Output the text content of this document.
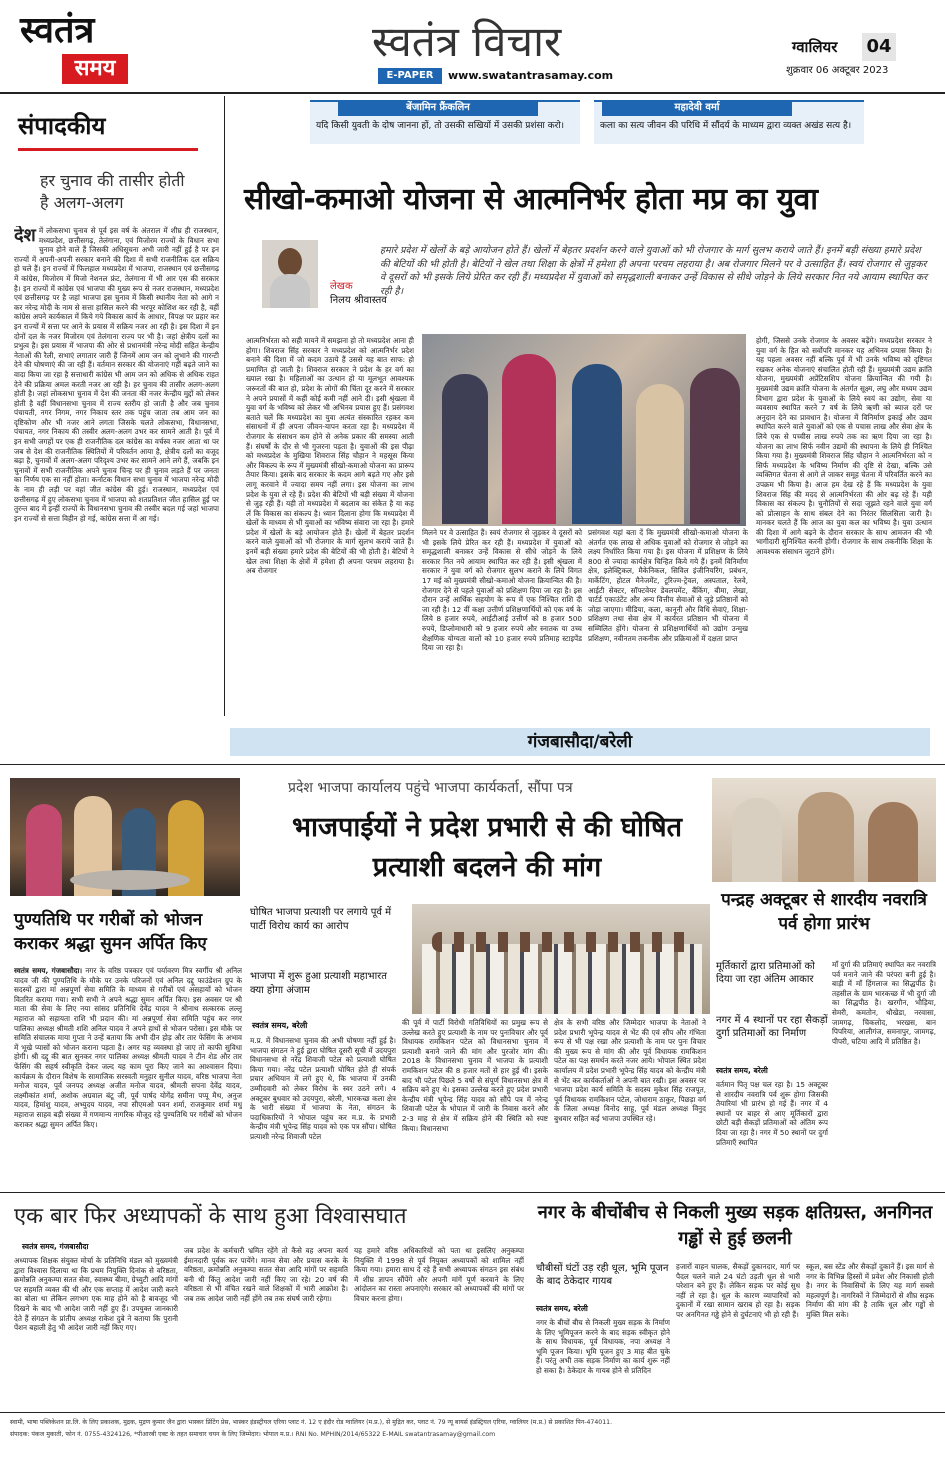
स्वतंत्र
समय
स्वतंत्र विचार
E-PAPER	www.swatantrasamay.com
ग्वालियर 04
शुक्रवार 06 अक्टूबर 2023
संपादकीय
हर चुनाव की तासीर होती है अलग-अलग
देश में लोकसभा चुनाव से पूर्व इस वर्ष के अंतराल में शीघ्र ही राजस्थान, मध्यप्रदेश, छत्तीसगढ़, तेलंगाना, एवं मिजोरम राज्यों के विधान सभा चुनाव होने वाले हैं जिसकी अधिसूचना अभी जारी नहीं हुई है पर इन राज्यों में अपनी-अपनी सरकार बनाने की दिशा में सभी राजनीतिक दल सक्रिय हो चले हैं। इन राज्यों में फिलहाल मध्यप्रदेश में भाजपा, राजस्थान एवं छत्तीसगढ़ में कांग्रेस, मिजोरम में मिजो नेशनल फ्रंट, तेलंगाना में भी आर एस की सरकार है। इन राज्यों में कांग्रेस एवं भाजपा की मुख्य रूप से नजर राजस्थान, मध्यप्रदेश एवं छत्तीसगढ़ पर है जहां भाजपा इस चुनाव में किसी स्थानीय नेता को आगे न कर नरेन्द्र मोदी के नाम से सत्ता हासिल करने की भरपूर कोशिश कर रही है, वहीं कांग्रेस अपने कार्यकाल में किये गये विकास कार्य के आधार, विपक्ष पर प्रहार कर इन राज्यों में सत्ता पर आने के प्रयास में सक्रिय नजर आ रही है। इस दिशा में इन दोनों दल के नजर मिजोरम एवं तेलंगाना राज्य पर भी है। जहां क्षेत्रीय दलों का प्रभुत्व है। इस प्रयास में भाजपा की ओर से प्रधानमंत्री नरेन्द्र मोदी सहित केन्द्रीय नेताओं की रैली, सभाएं लगातार जारी हैं जिनमें आम जन को लुभाने की गारन्टी देने की घोषणाएं की जा रही हैं। वर्तमान सरकार की योजनाएं गहीं बढ़ते जाने का वादा किया जा रहा है सत्ताधारी कांग्रेस भी आम जन को अधिक से अधिक राहत देने की प्रक्रिया अमल करती नजर आ रही है। हर चुनाव की तासीर अलग-अलग होती है। जहां लोकसभा चुनाव में देश की जनता की नजर केन्द्रीय मुद्दों को लेकर होती है वहीं विधानसभा चुनाव में राज्य स्तरीय हो जाती है और जब चुनाव पंचायती, नगर निगम, नगर निकाय स्तर तक पहुंच जाता तब आम जन का दृष्टिकोण और भी नजर आने लगता जिसके चलते लोकसभा, विधानसभा, पंचायत, नगर निकाय की तस्वीर अलग-अलग उभर कर सामने आती है। पूर्व में इन सभी जगहों पर एक ही राजनीतिक दल कांग्रेस का वर्चस्व नजर आता था पर जब से देश की राजनीतिक स्थितियों में परिवर्तन आया है, क्षेत्रीय दलों का वजूद बढ़ा है, चुनावों में अलग-अलग परिदृश्य उभर कर सामने आने लगे हैं, जबकि इन चुनावों में सभी राजनीतिक अपने चुनाव चिन्ह पर ही चुनाव लड़ते हैं पर जनता का निर्णय एक सा नहीं होता। कर्नाटक विधान सभा चुनाव में भाजपा नरेन्द्र मोदी के नाम ही लड़ी पर वहां जीत कांग्रेस की हुई। राजस्थान, मध्यप्रदेश एवं छत्तीसगढ़ में हुए लोकसभा चुनाव में भाजपा को शतप्रतिशत जीत हासिल हुई पर तुरन्त बाद में इन्हीं राज्यों के विधानसभा चुनाव की तस्वीर बदल गई जहां भाजपा इन राज्यों से सत्ता विहीन हो गई, कांग्रेस सत्ता में आ गई।
बेंजामिन फ्रैंकलिन
यदि किसी युवती के दोष जानना हों, तो उसकी सखियों में उसकी प्रशंसा करो।
महादेवी वर्मा
कला का सत्य जीवन की परिधि में सौंदर्य के माध्यम द्वारा व्यक्त अखंड सत्य है।
सीखो-कमाओ योजना से आत्मनिर्भर होता मप्र का युवा
हमारे प्रदेश में खेलों के बड़े आयोजन होते हैं। खेलों में बेहतर प्रदर्शन करने वाले युवाओं को भी रोजगार के मार्ग सुलभ कराये जाते हैं। इनमें बड़ी संख्या हमारे प्रदेश की बेटियों की भी होती है। बेटियों ने खेल तथा शिक्षा के क्षेत्रों में हमेशा ही अपना परचम लहराया है। अब रोजगार मिलने पर वे उत्साहित हैं। स्वयं रोजगार से जुड़कर वे दूसरों को भी इसके लिये प्रेरित कर रही हैं। मध्यप्रदेश में युवाओं को समृद्धशाली बनाकर उन्हें विकास से सीधे जोड़ने के लिये सरकार नित नये आयाम स्थापित कर रही है।
लेखक
निलय श्रीवास्तव
आत्मनिर्भरता को सही मायने में समझना हो तो मध्यप्रदेश आना ही होगा। शिवराज सिंह सरकार ने मध्यप्रदेश को आत्मनिर्भर प्रदेश बनाने की दिशा में जो कदम उठाये हैं उससे यह बात साफ: हो प्रमाणित हो जाती है। शिवराज सरकार ने प्रदेश के हर वर्ग का ख्याल रखा है। महिलाओं का उत्थान हो या मूलभूत आवश्यक जरूरतों की बात हो, प्रदेश के लोगों की चिंता दूर करने में सरकार ने अपने प्रयासों में कहीं कोई कमी नहीं आने दी। इसी श्रृंखला में युवा वर्ग के भविष्य को लेकर भी अभिनव प्रयास हुए हैं। प्रसंगवश बताते चलें कि मध्यप्रदेश का युवा अत्यंत संस्कारित रहकर कम संसाधनों में ही अपना जीवन-यापन करता रहा है। मध्यप्रदेश में रोजगार के संसाधन कम होने से अनेक प्रकार की समस्या आती हैं। संघर्षों के दौर से भी गुजरना पड़ता है। युवाओं की इस पीढ़ा को मध्यप्रदेश के मुखिया शिवराज सिंह चौहान ने महसूस किया और विकल्प के रूप में मुख्यमंत्री सीखो-कमाओ योजना का प्रारूप तैयार किया। इसके बाद सरकार के कदम आगे बढ़ते गए और इसे लागू करवाने में ज्यादा समय नहीं लगा। इस योजना का लाभ प्रदेश के युवा ले रहे हैं। प्रदेश की बेटियों भी बड़ी संख्या में योजना से जुड़ रही हैं। यही तो मध्यप्रदेश में बदलाव का संकेत है या कह लें कि विकास का संकल्प है। ध्यान दिलाना होगा कि मध्यप्रदेश में खेलों के माध्यम से भी युवाओं का भविष्य संवारा जा रहा है। हमारे प्रदेश में खेलों के बड़े आयोजन होते हैं। खेलों में बेहतर प्रदर्शन करने वाले युवाओं को भी रोजगार के मार्ग सुलभ कराये जाते हैं। इनमें बड़ी संख्या हमारे प्रदेश की बेटियों की भी होती है। बेटियों ने खेल तथा शिक्षा के क्षेत्रों में हमेशा ही अपना परचम लहराया है। अब रोजगार
मिलने पर वे उत्साहित हैं। स्वयं रोजगार से जुड़कर वे दूसरों को भी इसके लिये प्रेरित कर रही हैं। मध्यप्रदेश में युवाओं को समृद्धशाली बनाकर उन्हें विकास से सीधे जोड़ने के लिये सरकार नित नये आयाम स्थापित कर रही है। इसी श्रृंखला में सरकार ने युवा वर्ग को रोजगार सुलभ कराने के लिये विगत 17 मई को मुख्यमंत्री सीखो-कमाओ योजना क्रियान्वित की है। रोजगार देने से पहले युवाओं को प्रशिक्षण दिया जा रहा है। इस दौरान उन्हें आर्थिक सहयोग के रूप में एक निश्चित राशि दी जा रही है। 12 वीं कक्षा उत्तीर्ण प्रशिक्षणार्थियों को एक वर्ष के लिये 8 हजार रुपये, आईटीआई उत्तीर्ण को 8 हजार 500 रुपये, डिप्लोमाधारी को 9 हजार रुपये और स्नातक या उच्च शैक्षणिक योग्यता वालों को 10 हजार रुपये प्रतिमाह स्टाइपेंड दिया जा रहा है।
प्रसंगवश यहां बता दें कि मुख्यमंत्री सीखो-कमाओ योजना के अंतर्गत एक लाख से अधिक युवाओं को रोजगार से जोड़ने का लक्ष्य निर्धारित किया गया है। इस योजना में प्रशिक्षण के लिये 800 से ज्यादा कार्यक्षेत्र चिन्हित किये गये हैं। इनमें विनिर्माण क्षेत्र, इलेक्ट्रिकल, मैकेनिकल, सिविल इंजीनियरिंग, प्रबंधन, मार्केटिंग, होटल मैनेजमेंट, टूरिज्म-ट्रेवल, अस्पताल, रेलवे, आईटी सेक्टर, सॉफ्टवेयर डेवलपमेंट, बैंकिंग, बीमा, लेखा, चार्टर्ड एकाउंटेंट और अन्य वित्तीय सेवाओं से जुड़े प्रतिष्ठानों को जोड़ा जाएगा। मीडिया, कला, कानूनी और विधि सेवाएं, शिक्षा-प्रशिक्षण तथा सेवा क्षेत्र में कार्यरत प्रतिष्ठान भी योजना में सम्मिलित होंगे। योजना से प्रशिक्षणार्थियों को उद्योग उन्मुख प्रशिक्षण, नवीनतम तकनीक और प्रक्रियाओं में दक्षता प्राप्त
होगी, जिससे उनके रोजगार के अवसर बढ़ेंगे। मध्यप्रदेश सरकार ने युवा वर्ग के हित को सर्वोपरि मानकर यह अभिनव प्रयास किया है। यह पहला अवसर नहीं बल्कि पूर्व में भी उनके भविष्य को दृष्टिगत रखकर अनेक योजनाएं संचालित होती रही हैं। मुख्यमंत्री उद्यम क्रांति योजना, मुख्यमंत्री अप्रेंटिसशिप योजना क्रियान्वित की गयी है। मुख्यमंत्री उद्यम क्रांति योजना के अंतर्गत सूक्ष्म, लघु और मध्यम उद्यम विभाग द्वारा प्रदेश के युवाओं के लिये स्वयं का उद्योग, सेवा या व्यवसाय स्थापित करने 7 वर्ष के लिये ऋणी को ब्याज दरों पर अनुदान देने का प्रावधान है। योजना में विनिर्माण इकाई और उद्यम स्थापित करने वाले युवाओं को एक से पचास लाख और सेवा क्षेत्र के लिये एक से पच्चीस लाख रुपये तक का ऋण दिया जा रहा है। योजना का लाभ सिर्फ नवीन उद्यमों की स्थापना के लिये ही निश्चित किया गया है। मुख्यमंत्री शिवराज सिंह चौहान ने आत्मनिर्भरता को न सिर्फ मध्यप्रदेश के भविष्य निर्माण की दृष्टि से देखा, बल्कि उसे व्यक्तिगत चेतना से आगे ले जाकर समूह चेतना में परिवर्तित करने का उपक्रम भी किया है। आज हम देख रहे हैं कि मध्यप्रदेश के युवा शिवराज सिंह की मदद से आत्मनिर्भरता की ओर बढ़ रहे हैं। यही विकास का संकल्प है। चुनौतियों से सदा जूझते रहने वाले युवा वर्ग को प्रोत्साहन के साथ संबल देने का निरंतर सिलसिला जारी है। मानकर चलते हैं कि आज का युवा कल का भविष्य है। युवा उत्थान की दिशा में आगे बढ़ने के दौरान सरकार के साथ आमजन की भी भागीदारी सुनिश्चित करनी होगी। रोजगार के साथ तकनीकि शिक्षा के आवश्यक संसाधन जुटाने होंगे।
गंजबासौदा/बरेली
पुण्यतिथि पर गरीबों को भोजन कराकर श्रद्धा सुमन अर्पित किए
स्वतंत्र समय, गंजबासौदा। नगर के वरिष्ठ पत्रकार एवं पर्यावरण मित्र स्वर्गीय श्री अनिल यादव जी की पुण्यतिथि के मौके पर उनके परिजनों एवं अनिल दद्दू फाउंडेशन ग्रुप के सदस्यों द्वारा मां अन्नपूर्णा सेवा समिति के माध्यम से गरीबों एवं असहायों को भोजन वितरित कराया गया। सभी सभी ने अपने श्रद्धा सुमन अर्पित किए। इस अवसर पर श्री माता की सेवा के लिए नया सांसद प्रतिनिधि देवेंद्र यादव ने श्रीनाथ सत्कारक लल्लू महाराज को सहायता राशि भी प्रदान की। मां अन्नपूर्णा सेवा समिति पहुंच कर नगर पालिका अध्यक्ष श्रीमती शशि अनिल यादव ने अपने हाथों से भोजन परोसा। इस मौके पर समिति संचालक माया गुप्ता ने उन्हें बताया कि अभी दीन होड़ और तार फेसिंग के अभाव में भूखे प्यासों को भोजन कराना पड़ता है। अगर यह व्यवस्था हो जाए तो काफी सुविधा होगी। श्री दद्दू की बात सुनकर नगर पालिका अध्यक्ष श्रीमती यादव ने टीन शेड और तार फेंसिंग की सहर्ष स्वीकृति देकर जल्द यह काम पूरा किए जाने का आश्वासन दिया। कार्यक्रम के दौरान विशेष के सामाजिक सरस्वती मनुहार सुनील यादव, वरिष्ठ भाजपा नेता मनोज यादव, पूर्व जनपद अध्यक्ष अजीत मनोज यादव, श्रीमती सपना देवेंद्र यादव, लक्ष्मीकांत शर्मा, अशोक अग्रवाल बंटू जी, पूर्व पार्षद योगेंद्र समीना पप्पू मैथ, अनुज यादव, हिमांशु यादव, अभ्युदय यादव, नपा सीएमओ पवन शर्मा, राजकुमार शर्मा मधु महाराज साहव बड़ी संख्या में गणमान्य नागरिक मौजूद रहे पुण्यतिथि पर गरीबों को भोजन कराकर श्रद्धा सुमन अर्पित किए।
प्रदेश भाजपा कार्यालय पहुंचे भाजपा कार्यकर्ता, सौंपा पत्र
भाजपाईयों ने प्रदेश प्रभारी से की घोषित प्रत्याशी बदलने की मांग
घोषित भाजपा प्रत्याशी पर लगाये पूर्व में पार्टी विरोध कार्य का आरोप
भाजपा में शुरू हुआ प्रत्याशी महाभारत क्या होगा अंजाम
स्वतंत्र समय, बरेली
म.प्र. में विधानसभा चुनाव की अभी घोषणा नहीं हुई है। भाजपा संगठन ने हुई द्वारा घोषित दूसरी सूची में उदयपुरा विधानसभा से नरेंद्र शिवाजी पटेल को प्रत्याशी घोषित किया गया। नरेंद्र पटेल प्रत्याशी घोषित होते ही संपर्क प्रचार अभियान में लगे हुए थे, कि भाजपा में उनकी उम्मीदवारी को लेकर विरोध के स्वर उठने लगे। 4 अक्टूबर बुधवार को उदयपुरा, बरेली, भारकच्छ कला क्षेत्र के भारी संख्या में भाजपा के नेता, संगठन के पदाधिकारियों ने भोपाल पहुंच कर म.प्र. के प्रभारी केन्द्रीय मंत्री भूपेन्द्र सिंह यादव को एक पत्र सौंपा। घोषित प्रत्याशी नरेन्द्र शिवाजी पटेल
की पूर्व में पार्टी विरोधी गतिविधियों का प्रमुख रूप से उल्लेख करते हुए प्रत्याशी के नाम पर पुनःविचार और पूर्व विधायक रामकिशन पटेल को विधानसभा चुनाव में प्रत्याशी बनाने जाने की मांग और पुरजोर मांग की। 2018 के विधानसभा चुनाव में भाजपा के प्रत्याशी रामकिशन पटेल की 8 हजार मतों से हार हुई थी। इसके बाद भी पटेल पिछले 5 वर्षो से संपूर्ण विधानसभा क्षेत्र में सक्रिय बने हुए थे। इसका उल्लेख करते हुए प्रदेश प्रभारी केन्द्रीय मंत्री भूपेन्द्र सिंह यादव को सौंपे पत्र में नरेन्द्र शिवाजी पटेल के भोपाल में जारी के निवास करने और 2-3 माह से क्षेत्र में सक्रिय होने की स्थिति को स्पष्ट किया। विधानसभा
क्षेत्र के सभी वरिष्ठ और जिम्मेदार भाजपा के नेताओं ने प्रदेश प्रभारी भूपेन्द्र यादव से भेंट की एवं सौंप और गंभिता रूप से भी पक्ष रखा और प्रत्याशी के नाम पर पुनः विचार की मुख्य रूप से मांग की और पूर्व विधायक रामकिशन पटेल का पक्ष समर्थन करते नजर आये। भोपाल स्थित प्रदेश कार्यालय में प्रदेश प्रभारी भूपेन्द्र सिंह यादव को केन्द्रीय मंत्री से भेंट कर कार्यकर्ताओं ने अपनी बात रखी। इस अवसर पर भाजपा प्रदेश कार्य समिति के सदस्य मुकेश सिंह राजपूत, पूर्व विधायक रामकिशन पटेल, जोधाराम ठाकुर, पिछड़ा वर्ग के जिला अध्यक्ष विनोद साहू, पूर्व मंडल अध्यक्ष विनुद बुधवार सहित कई भाजपा उपस्थित रहे।
पन्द्रह अक्टूबर से शारदीय नवरात्रि पर्व होगा प्रारंभ
मूर्तिकारों द्वारा प्रतिमाओं को दिया जा रहा अंतिम आकार
नगर में 4 स्थानों पर रहा सैकड़ों दुर्गा प्रतिमाओं का निर्माण
स्वतंत्र समय, बरेली
वर्तमान पितृ पक्ष चल रहा है। 15 अक्टूबर से शारदीय नवरात्रि पर्व शुरू होगा जिसकी तैयारियां भी प्रारंभ हो गई हैं। नगर में 4 स्थानों पर बाहर से आए मूर्तिकारों द्वारा छोटी बड़ी सैकड़ों प्रतिमाओं को अंतिम रूप दिया जा रहा है। नगर में 50 स्थानों पर दुर्गा प्रतिमाएँ स्थापित
माँ दुर्गा की प्रतिमाएं स्थापित कर नवरात्रि पर्व मनाने जाने की परंपरा बनी हुई है। बाड़ी में माँ हिंगलाज का सिद्धपीठ है। तहसील के ग्राम भारकच्छ में भी दुर्गा जी का सिद्धपीठ है। खरगौन, भौड़िया, सेमरी, कमतोन, थौखेडा, नरवासा, जामगढ़, चिकलोद, भरखस, बान पिपरिया, आलीगंज, समनापुर, जामगढ़, पीपरी, घटिया आदि में प्रतिष्ठित है।
एक बार फिर अध्यापकों के साथ हुआ विश्वासघात
स्वतंत्र समय, गंजबासौदा
अध्यापक शिक्षक संयुक्त मोर्चा के प्रतिनिधि मंडल को मुख्यमंत्री द्वारा विश्वास दिलाया था कि प्रथम नियुक्ति दिनांक से वरिष्ठता, क्रमोन्नति अनुकम्पा सतत सेवा, स्वास्थ्य बीमा, ग्रेच्युटी आदि मांगों पर सहमति व्यक्त की थी और एक सप्ताह में आदेश जारी करने का बोला था लेकिन लगभग एक माह होने को है बावजूद भी दिखने के बाद भी आदेश जारी नहीं हुए हैं। उपयुक्त जानकारी देते हैं संगठन के प्रांतीय अध्यक्ष राकेश दुबे ने बताया कि पुरानी पेंशन बहाली हेतु भी आदेश जारी नहीं किए गए।
जब प्रदेश के कर्मचारी भ्रमित रहेंगे तो कैसे वह अपना कार्य ईमानदारी पूर्वक कर पायेंगे। मानव सेवा और प्रयास करके के वरिष्ठता, क्रमोन्नति अनुकम्पा सतत सेवा आदि मांगों पर सहमति बनी थी किंतु आदेश जारी नहीं किए जा रहे। 20 वर्ष की वरिष्ठता से भी वंचित रखने वाले शिक्षकों में भारी आक्रोश है। जब तक आदेश जारी नहीं होंगे तब तक संघर्ष जारी रहेगा।
यह हमारे वरिष्ठ अधिकारियों को पता था इसलिए अनुकम्पा नियुक्ति में 1998 से पूर्व नियुक्त अध्यापकों को शामिल नहीं किया गया। हमारा साथ दे रहे हैं सभी अध्यापक संगठन इस संबंध में शीघ्र ज्ञापन सौंपेंगे और अपनी मांगें पूर्ण करवाने के लिए आंदोलन का रास्ता अपनाएंगे। सरकार को अध्यापकों की मांगों पर विचार करना होगा।
नगर के बीचोंबीच से निकली मुख्य सड़क क्षतिग्रस्त, अनगिनत गड्ढों से हुई छलनी
चौबीसों घंटों उड़ रही धूल, भूमि पूजन के बाद ठेकेदार गायब
स्वतंत्र समय, बरेली
नगर के बीचों बीच से निकली मुख्य सड़क के निर्माण के लिए भूमिपूजन करने के बाद सड़क स्वीकृत होने के साथ विधायक, पूर्व विधायक, नपा अध्यक्ष ने भूमि पूजन किया। भूमि पूजन हुए 3 माह बीत चुके हैं। परंतु अभी तक सड़क निर्माण का कार्य शुरू नहीं हो सका है। ठेकेदार के गायब होने से प्रतिदिन
हजारों वाहन चालक, सैकड़ों दुकानदार, मार्ग पर पैदल चलने वाले 24 घंटो उड़ती धूल से भारी परेशान बने हुए हैं। लेकिन सड़क पर कोई सुध नहीं ले रहा है। धूल के कारण व्यापारियों को दुकानों में रखा सामान खराब हो रहा है। सड़क पर अनगिनत गड्ढे होने से दुर्घटनाएं भी हो रही हैं।
स्कूल, बस स्टेंड और सैकड़ों दुकानें हैं। इस मार्ग से नगर के विभिन्न हिस्सों में प्रवेश और निकासी होती है। नगर के निवासियों के लिए यह मार्ग सबसे महत्वपूर्ण है। नागरिकों ने जिम्मेदारों से शीघ्र सड़क निर्माण की मांग की है ताकि धूल और गड्ढों से मुक्ति मिल सके।
स्वामी, भाषा पब्लिकेशन प्रा.लि. के लिए प्रकाशक, मुद्रक, मुद्रण कुमार जैन द्वारा भास्कर प्रिंटिंग प्रेस, भास्कर इंडस्ट्रीयल एरिया प्लाट नं. 12 ए इंदौर रोड ग्वालियर (म.प्र.), से मुद्रित कर, प्लाट नं. 79 न्यू बायर्स इंडस्ट्रियल एरिया, ग्वालियर (म.प्र.) से प्रकाशित पिन-474011.
संपादक: पंकज मुकाती, फोन नं. 0755-4324126, *पीआरबी एक्ट के तहत समाचार चयन के लिए जिम्मेदार। भोपाल म.प्र.। RNI No. MPHIN/2014/65322 E-MAIL swatantrasamay@gmail.com
